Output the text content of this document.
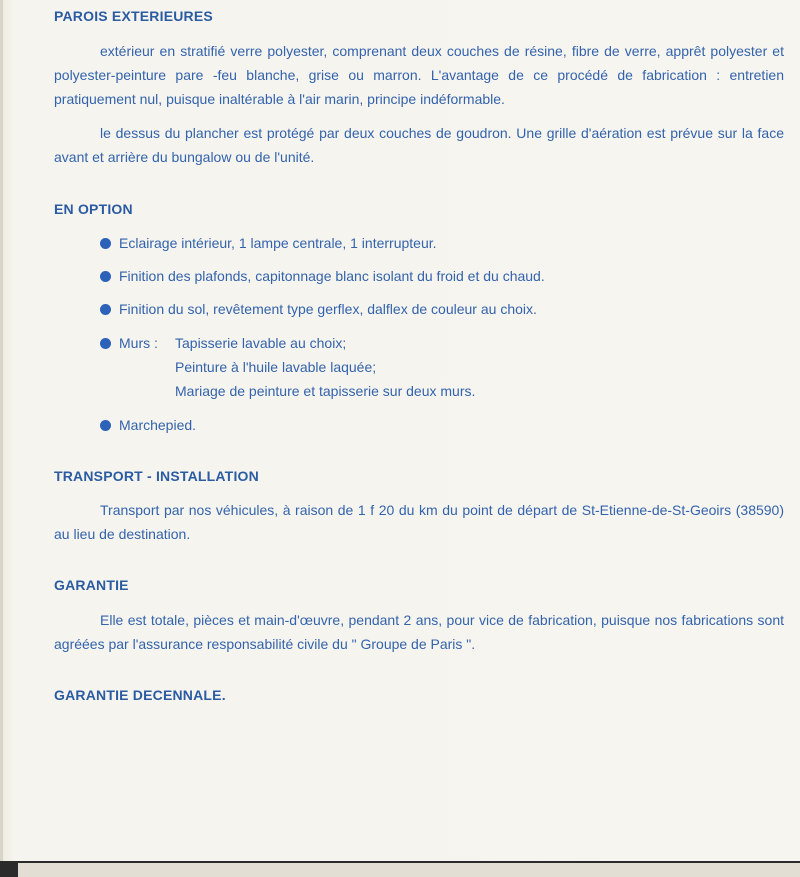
PAROIS EXTERIEURES
extérieur en stratifié verre polyester, comprenant deux couches de résine, fibre de verre, apprêt polyester et polyester-peinture pare -feu blanche, grise ou marron. L'avantage de ce procédé de fabrication : entretien pratiquement nul, puisque inaltérable à l'air marin, principe indéformable.
le dessus du plancher est protégé par deux couches de goudron. Une grille d'aération est prévue sur la face avant et arrière du bungalow ou de l'unité.
EN OPTION
Eclairage intérieur, 1 lampe centrale, 1 interrupteur.
Finition des plafonds, capitonnage blanc isolant du froid et du chaud.
Finition du sol, revêtement type gerflex, dalflex de couleur au choix.
Murs : Tapisserie lavable au choix;
Peinture à l'huile lavable laquée;
Mariage de peinture et tapisserie sur deux murs.
Marchepied.
TRANSPORT - INSTALLATION
Transport par nos véhicules, à raison de 1 f 20 du km du point de départ de St-Etienne-de-St-Geoirs (38590) au lieu de destination.
GARANTIE
Elle est totale, pièces et main-d'œuvre, pendant 2 ans, pour vice de fabrication, puisque nos fabrications sont agréées par l'assurance responsabilité civile du " Groupe de Paris ".
GARANTIE DECENNALE.
